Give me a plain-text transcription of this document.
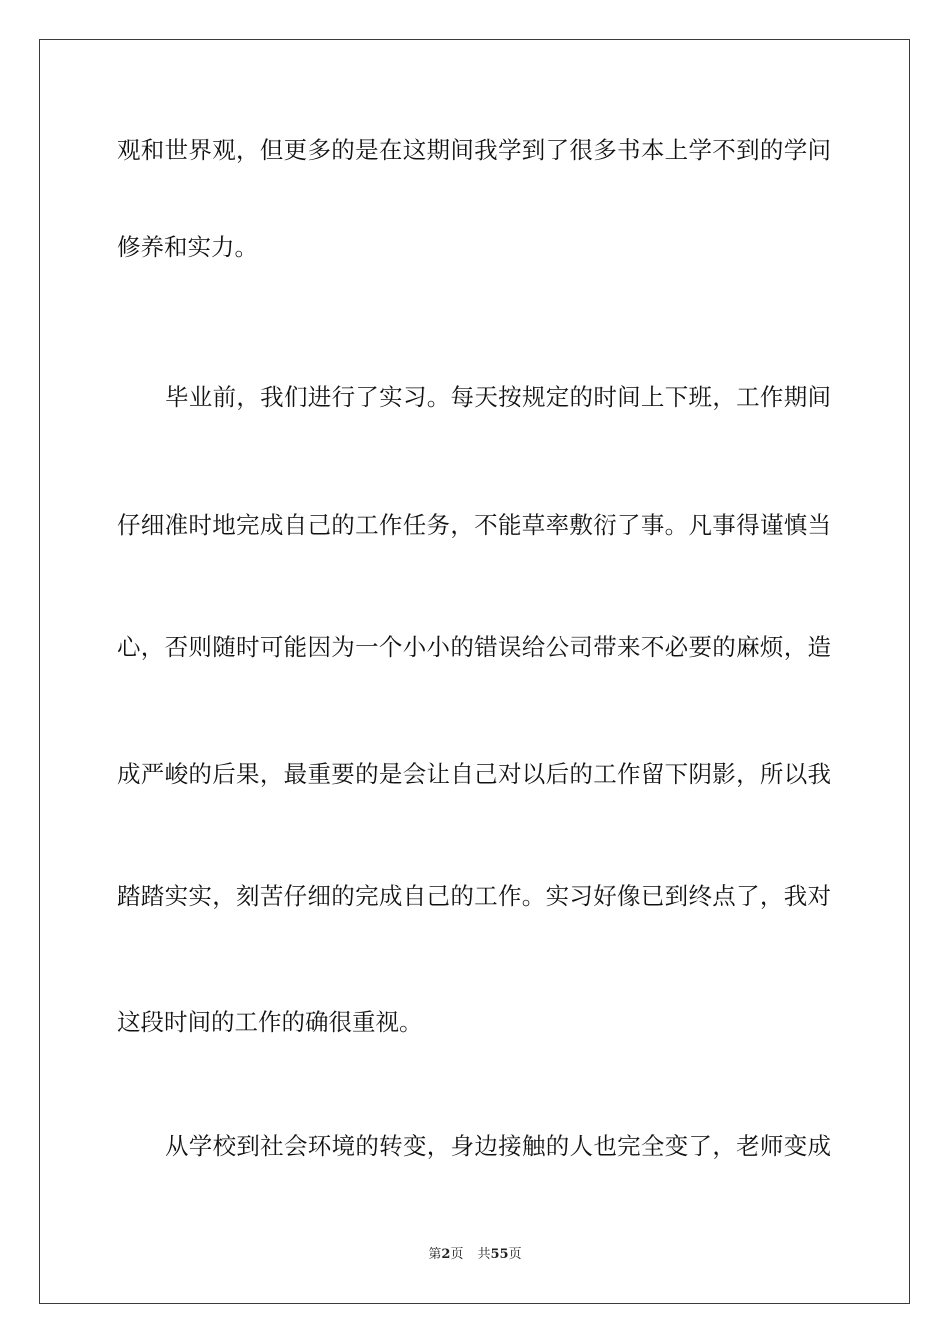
观和世界观，但更多的是在这期间我学到了很多书本上学不到的学问
修养和实力。
毕业前，我们进行了实习。每天按规定的时间上下班，工作期间
仔细准时地完成自己的工作任务，不能草率敷衍了事。凡事得谨慎当
心，否则随时可能因为一个小小的错误给公司带来不必要的麻烦，造
成严峻的后果，最重要的是会让自己对以后的工作留下阴影，所以我
踏踏实实，刻苦仔细的完成自己的工作。实习好像已到终点了，我对
这段时间的工作的确很重视。
从学校到社会环境的转变，身边接触的人也完全变了，老师变成
第2页 共55页
